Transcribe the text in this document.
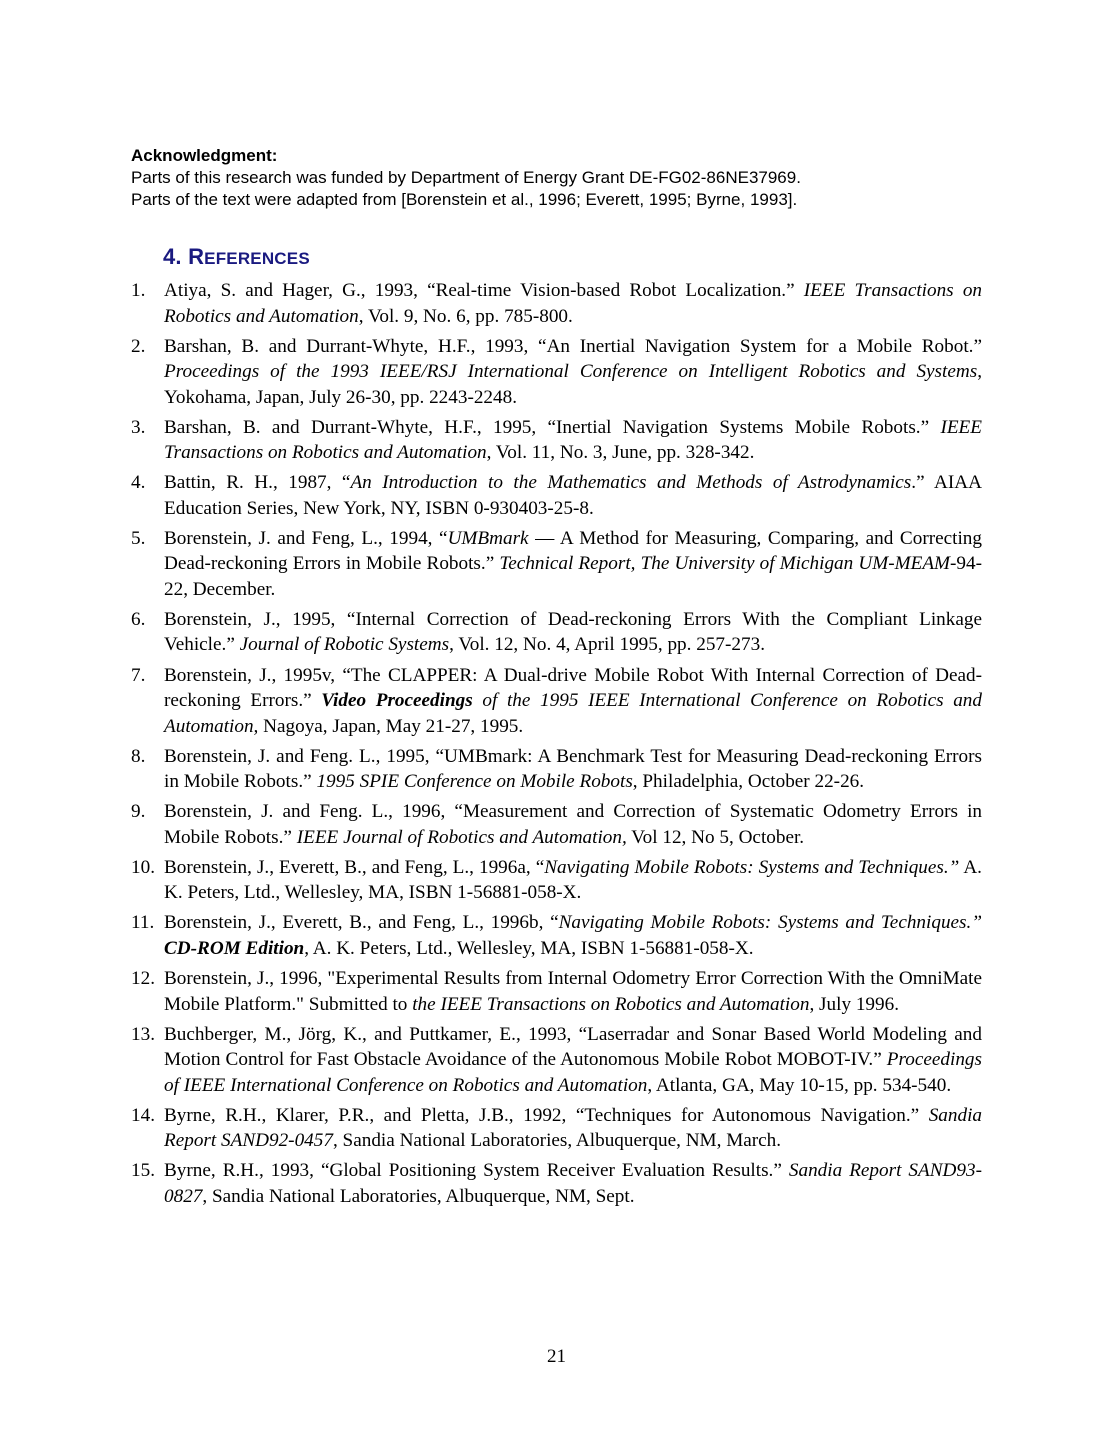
Acknowledgment:
Parts of this research was funded by Department of Energy Grant DE-FG02-86NE37969.
Parts of the text were adapted from [Borenstein et al., 1996; Everett, 1995; Byrne, 1993].
4. REFERENCES
1. Atiya, S. and Hager, G., 1993, “Real-time Vision-based Robot Localization.” IEEE Transactions on Robotics and Automation, Vol. 9, No. 6, pp. 785-800.
2. Barshan, B. and Durrant-Whyte, H.F., 1993, “An Inertial Navigation System for a Mobile Robot.” Proceedings of the 1993 IEEE/RSJ International Conference on Intelligent Robotics and Systems, Yokohama, Japan, July 26-30, pp. 2243-2248.
3. Barshan, B. and Durrant-Whyte, H.F., 1995, “Inertial Navigation Systems Mobile Robots.” IEEE Transactions on Robotics and Automation, Vol. 11, No. 3, June, pp. 328-342.
4. Battin, R. H., 1987, “An Introduction to the Mathematics and Methods of Astrodynamics.” AIAA Education Series, New York, NY, ISBN 0-930403-25-8.
5. Borenstein, J. and Feng, L., 1994, “UMBmark — A Method for Measuring, Comparing, and Correcting Dead-reckoning Errors in Mobile Robots.” Technical Report, The University of Michigan UM-MEAM-94-22, December.
6. Borenstein, J., 1995, “Internal Correction of Dead-reckoning Errors With the Compliant Linkage Vehicle.” Journal of Robotic Systems, Vol. 12, No. 4, April 1995, pp. 257-273.
7. Borenstein, J., 1995v, “The CLAPPER: A Dual-drive Mobile Robot With Internal Correction of Dead-reckoning Errors.” Video Proceedings of the 1995 IEEE International Conference on Robotics and Automation, Nagoya, Japan, May 21-27, 1995.
8. Borenstein, J. and Feng. L., 1995, “UMBmark: A Benchmark Test for Measuring Dead-reckoning Errors in Mobile Robots.” 1995 SPIE Conference on Mobile Robots, Philadelphia, October 22-26.
9. Borenstein, J. and Feng. L., 1996, “Measurement and Correction of Systematic Odometry Errors in Mobile Robots.” IEEE Journal of Robotics and Automation, Vol 12, No 5, October.
10. Borenstein, J., Everett, B., and Feng, L., 1996a, “Navigating Mobile Robots: Systems and Techniques.” A. K. Peters, Ltd., Wellesley, MA, ISBN 1-56881-058-X.
11. Borenstein, J., Everett, B., and Feng, L., 1996b, “Navigating Mobile Robots: Systems and Techniques.” CD-ROM Edition, A. K. Peters, Ltd., Wellesley, MA, ISBN 1-56881-058-X.
12. Borenstein, J., 1996, "Experimental Results from Internal Odometry Error Correction With the OmniMate Mobile Platform." Submitted to the IEEE Transactions on Robotics and Automation, July 1996.
13. Buchberger, M., Jörg, K., and Puttkamer, E., 1993, “Laserradar and Sonar Based World Modeling and Motion Control for Fast Obstacle Avoidance of the Autonomous Mobile Robot MOBOT-IV.” Proceedings of IEEE International Conference on Robotics and Automation, Atlanta, GA, May 10-15, pp. 534-540.
14. Byrne, R.H., Klarer, P.R., and Pletta, J.B., 1992, “Techniques for Autonomous Navigation.” Sandia Report SAND92-0457, Sandia National Laboratories, Albuquerque, NM, March.
15. Byrne, R.H., 1993, “Global Positioning System Receiver Evaluation Results.” Sandia Report SAND93-0827, Sandia National Laboratories, Albuquerque, NM, Sept.
21
